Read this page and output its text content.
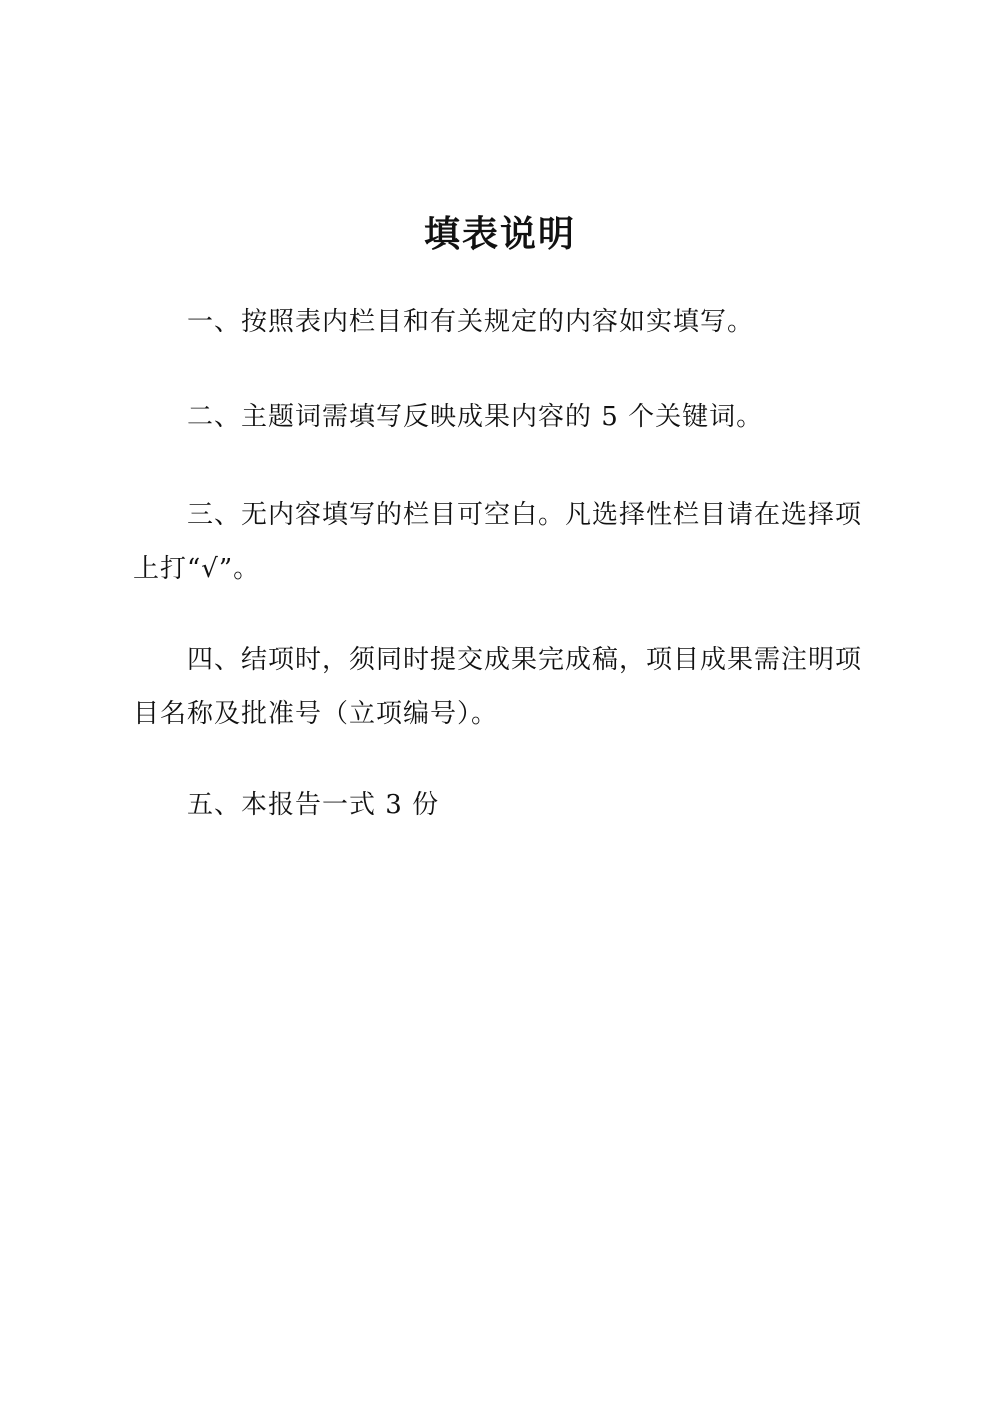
填表说明

一、按照表内栏目和有关规定的内容如实填写。

二、主题词需填写反映成果内容的 5 个关键词。

三、无内容填写的栏目可空白。凡选择性栏目请在选择项上打“√”。

四、结项时，须同时提交成果完成稿，项目成果需注明项目名称及批准号（立项编号）。

五、本报告一式 3 份
